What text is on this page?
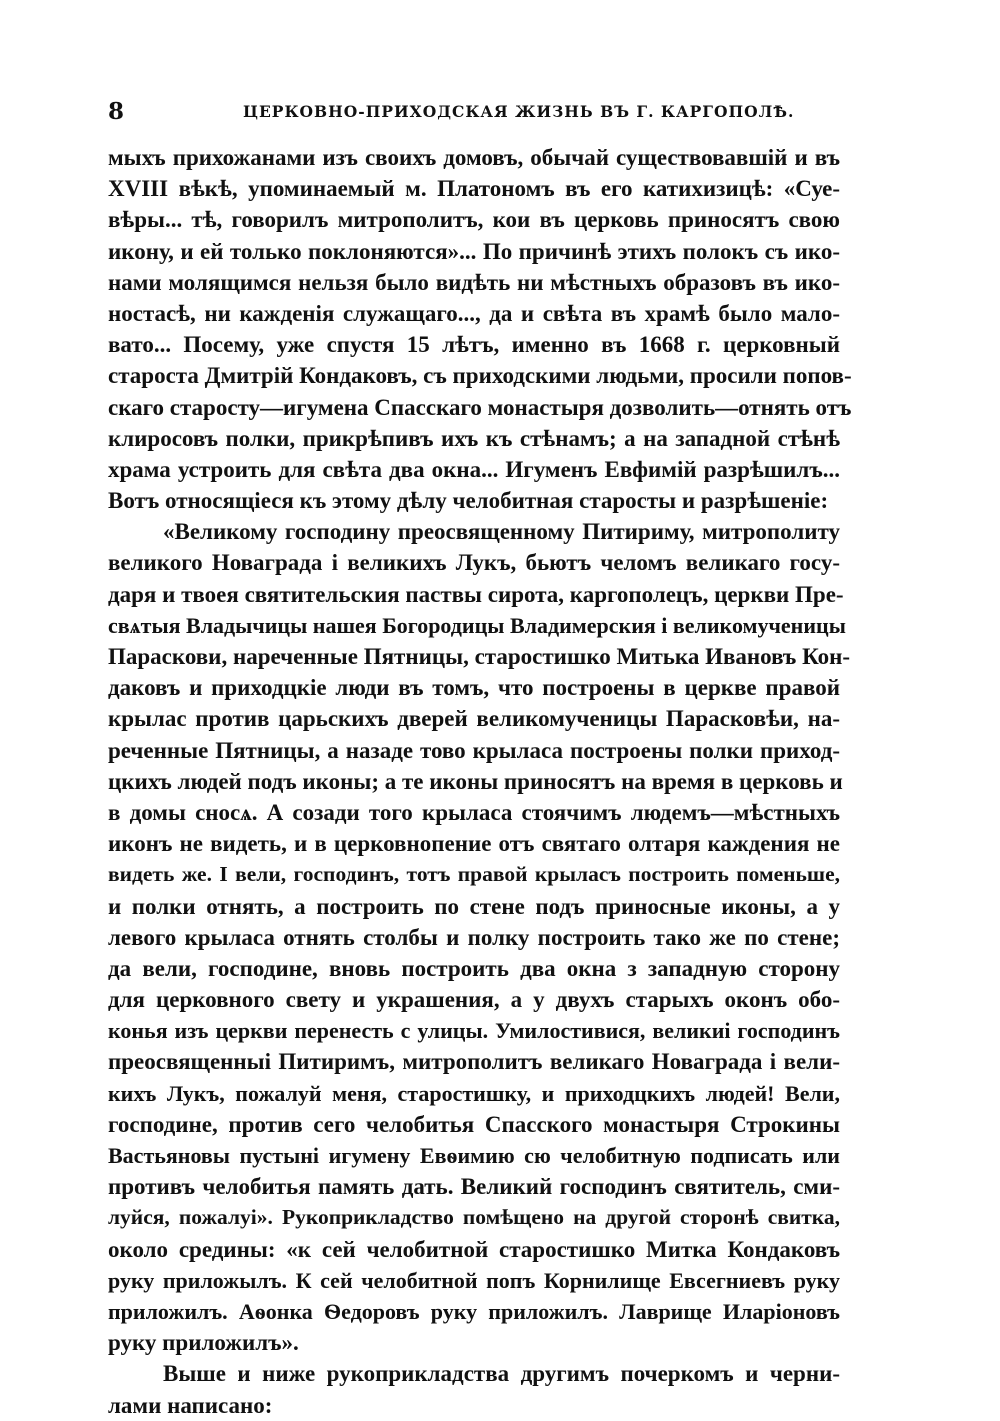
8	ЦЕРКОВНО-ПРИХОДСКАЯ ЖИЗНЬ ВЪ Г. КАРГОПОЛѢ.
мыхъ прихожанами изъ своихъ домовъ, обычай существовавшій и въ
XVIII вѣкѣ, упоминаемый м. Платономъ въ его катихизицѣ: «Суе-
вѣры... тѣ, говорилъ митрополитъ, кои въ церковь приносятъ свою
икону, и ей только поклоняются»... По причинѣ этихъ полокъ съ ико-
нами молящимся нельзя было видѣть ни мѣстныхъ образовъ въ ико-
ностасѣ, ни кажденія служащаго..., да и свѣта въ храмѣ было мало-
вато... Посему, уже спустя 15 лѣтъ, именно въ 1668 г. церковный
староста Дмитрій Кондаковъ, съ приходскими людьми, просили попов-
скаго старосту—игумена Спасскаго монастыря дозволить—отнять отъ
клиросовъ полки, прикрѣпивъ ихъ къ стѣнамъ; а на западной стѣнѣ
храма устроить для свѣта два окна... Игуменъ Евфимій разрѣшилъ...
Вотъ относящіеся къ этому дѣлу челобитная старосты и разрѣшеніе:
«Великому господину преосвященному Питириму, митрополиту
великого Новаграда і великихъ Лукъ, бьютъ челомъ великаго госу-
даря и твоея святительския паствы сирота, каргополецъ, церкви Пре-
свѧтыя Владычицы нашея Богородицы Владимерския і великомученицы
Параскови, нареченные Пятницы, старостишко Митька Ивановъ Кон-
даковъ и приходцкіе люди въ томъ, что построены в церкве правой
крылас против царьскихъ дверей великомученицы Парасковѣи, на-
реченные Пятницы, а назаде тово крыласа построены полки приход-
цкихъ людей подъ иконы; а те иконы приносятъ на время в церковь и
в домы сносѧ. А созади того крыласа стоячимъ людемъ—мѣстныхъ
иконъ не видеть, и в церковнопение отъ святаго олтаря каждения не
видеть же. І вели, господинъ, тотъ правой крыласъ построить поменьше,
и полки отнять, а построить по стене подъ приносные иконы, а у
левого крыласа отнять столбы и полку построить тако же по стене;
да вели, господине, вновь построить два окна з западную сторону
для церковного свету и украшения, а у двухъ старыхъ оконъ обо-
конья изъ церкви перенесть с улицы. Умилостивися, великиі господинъ
преосвященныі Питиримъ, митрополитъ великаго Новаграда і вели-
кихъ Лукъ, пожалуй меня, старостишку, и приходцкихъ людей! Вели,
господине, против сего челобитья Спасского монастыря Строкины
Вастьяновы пустыні игумену Евѳимию сю челобитную подписать или
противъ челобитья память дать. Великий господинъ святитель, сми-
луйся, пожалуі». Рукоприкладство помѣщено на другой сторонѣ свитка,
около средины: «к сей челобитной старостишко Митка Кондаковъ
руку приложылъ. К сей челобитной попъ Корнилище Евсегниевъ руку
приложилъ. Аѳонка Ѳедоровъ руку приложилъ. Лаврище Иларіоновъ
руку приложилъ».
Выше и ниже рукоприкладства другимъ почеркомъ и черни-
лами написано:
